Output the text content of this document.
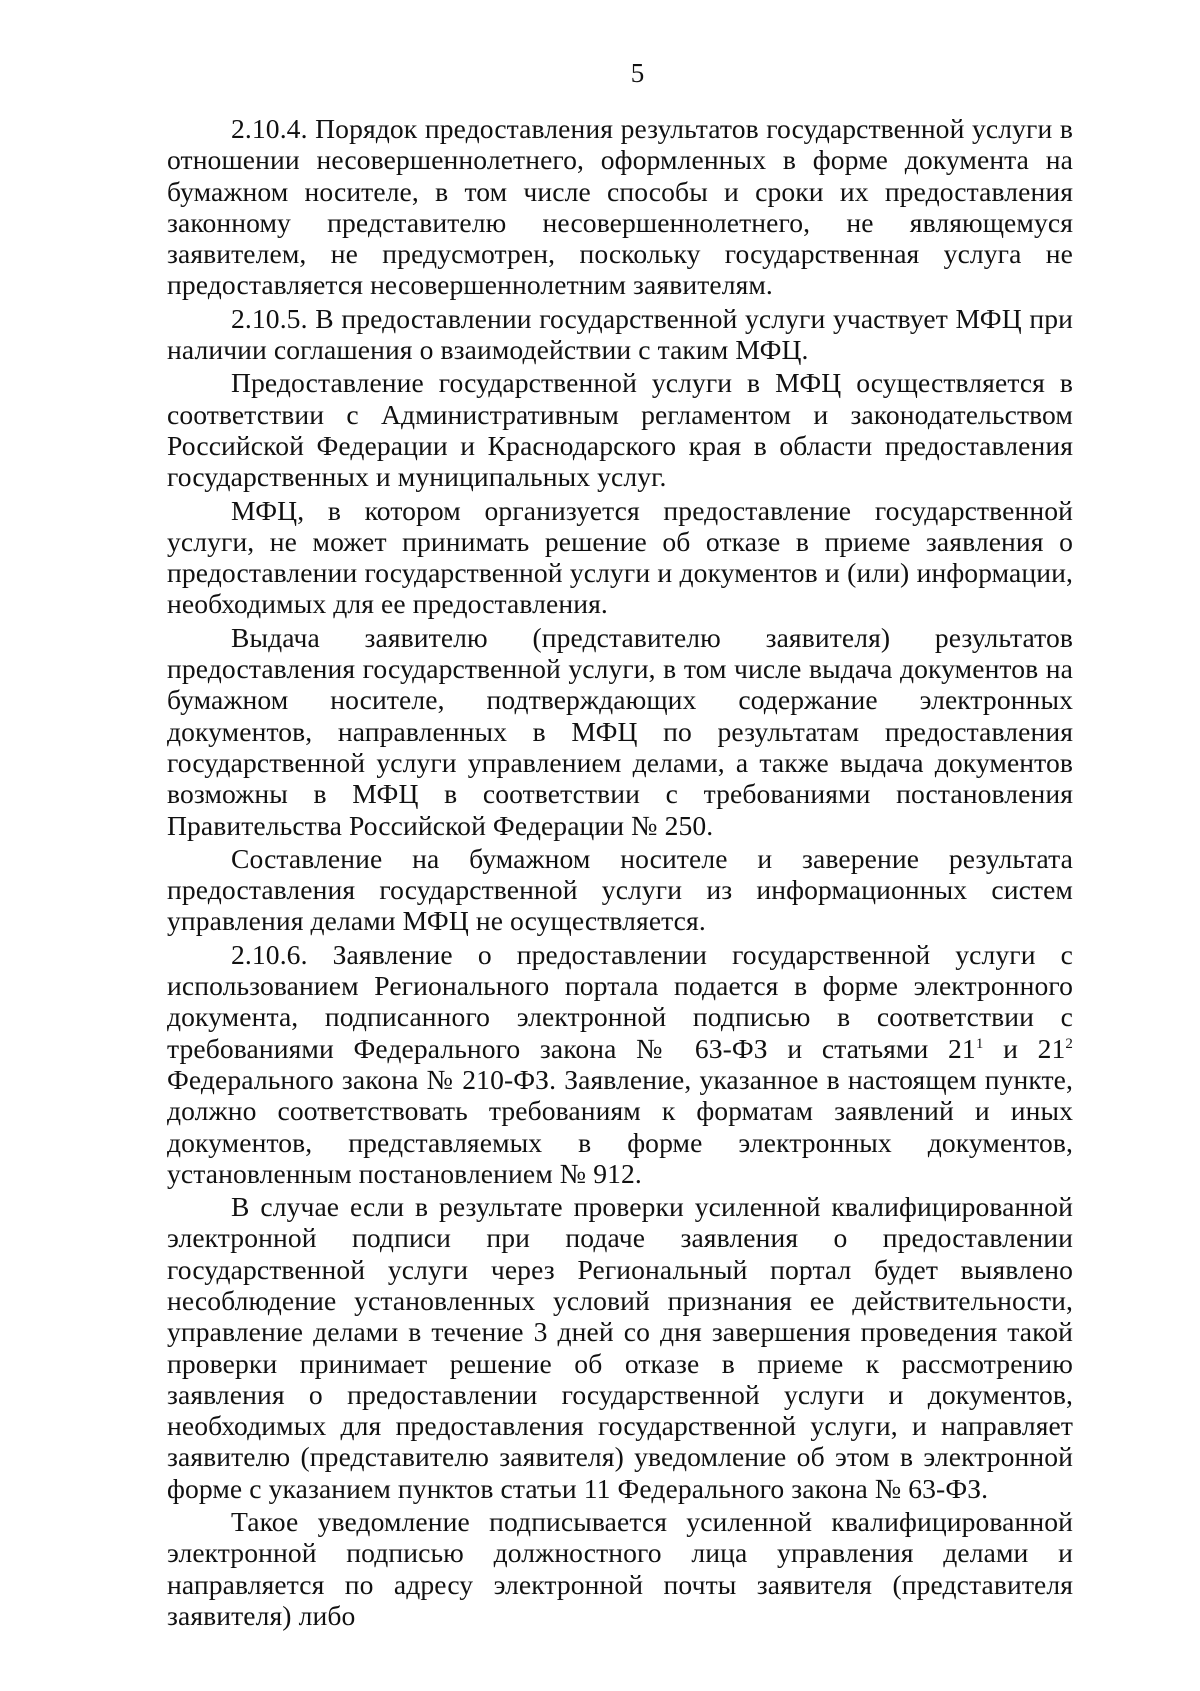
5

2.10.4. Порядок предоставления результатов государственной услуги в отношении несовершеннолетнего, оформленных в форме документа на бумажном носителе, в том числе способы и сроки их предоставления законному представителю несовершеннолетнего, не являющемуся заявителем, не предусмотрен, поскольку государственная услуга не предоставляется несовершеннолетним заявителям.

2.10.5. В предоставлении государственной услуги участвует МФЦ при наличии соглашения о взаимодействии с таким МФЦ.

Предоставление государственной услуги в МФЦ осуществляется в соответствии с Административным регламентом и законодательством Российской Федерации и Краснодарского края в области предоставления государственных и муниципальных услуг.

МФЦ, в котором организуется предоставление государственной услуги, не может принимать решение об отказе в приеме заявления о предоставлении государственной услуги и документов и (или) информации, необходимых для ее предоставления.

Выдача заявителю (представителю заявителя) результатов предоставления государственной услуги, в том числе выдача документов на бумажном носителе, подтверждающих содержание электронных документов, направленных в МФЦ по результатам предоставления государственной услуги управлением делами, а также выдача документов возможны в МФЦ в соответствии с требованиями постановления Правительства Российской Федерации № 250.

Составление на бумажном носителе и заверение результата предоставления государственной услуги из информационных систем управления делами МФЦ не осуществляется.

2.10.6. Заявление о предоставлении государственной услуги с использованием Регионального портала подается в форме электронного документа, подписанного электронной подписью в соответствии с требованиями Федерального закона № 63-ФЗ и статьями $21^1$ и $21^2$ Федерального закона № 210-ФЗ. Заявление, указанное в настоящем пункте, должно соответствовать требованиям к форматам заявлений и иных документов, представляемых в форме электронных документов, установленным постановлением № 912.

В случае если в результате проверки усиленной квалифицированной электронной подписи при подаче заявления о предоставлении государственной услуги через Региональный портал будет выявлено несоблюдение установленных условий признания ее действительности, управление делами в течение 3 дней со дня завершения проведения такой проверки принимает решение об отказе в приеме к рассмотрению заявления о предоставлении государственной услуги и документов, необходимых для предоставления государственной услуги, и направляет заявителю (представителю заявителя) уведомление об этом в электронной форме с указанием пунктов статьи 11 Федерального закона № 63-ФЗ.

Такое уведомление подписывается усиленной квалифицированной электронной подписью должностного лица управления делами и направляется по адресу электронной почты заявителя (представителя заявителя) либо
